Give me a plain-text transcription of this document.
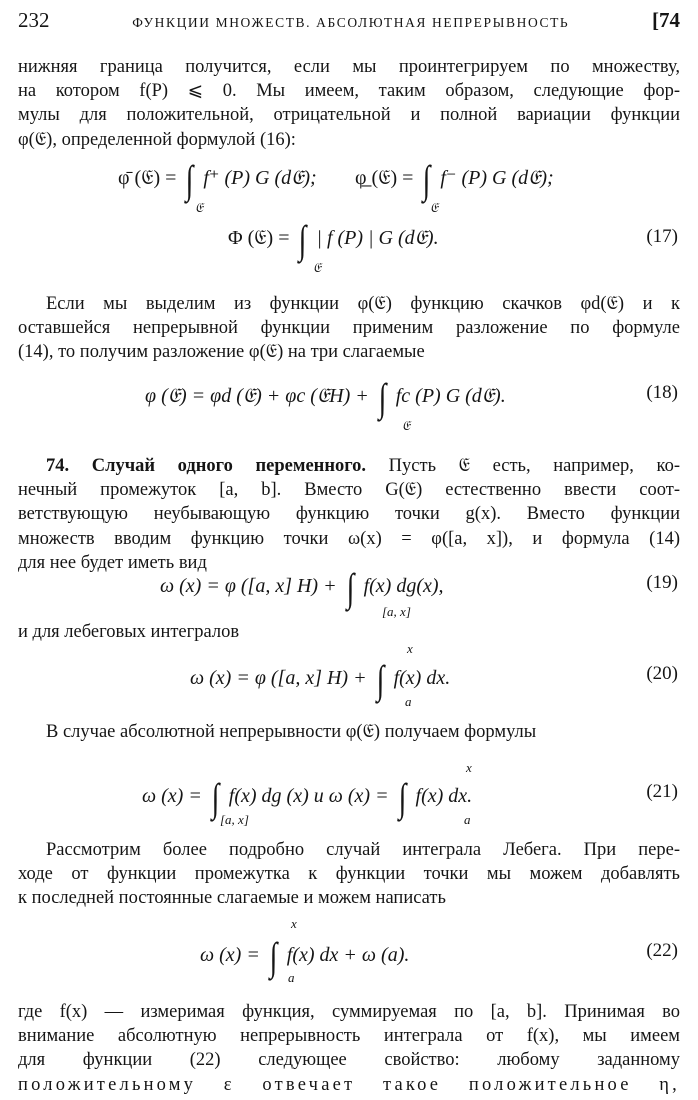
232	ФУНКЦИИ МНОЖЕСТВ. АБСОЛЮТНАЯ НЕПРЕРЫВНОСТЬ	[74
нижняя граница получится, если мы проинтегрируем по множеству,
на котором f(P) ⩽ 0. Мы имеем, таким образом, следующие фор-
мулы для положительной, отрицательной и полной вариации функции
φ(𝔈), определенной формулой (16):
φ̄ (𝔈) = ∫ f⁺ (P) G (d𝔈);
𝔈
φ̲ (𝔈) = ∫ f⁻ (P) G (d𝔈);
𝔈
Φ (𝔈) = ∫ | f (P) | G (d𝔈).
𝔈
(17)
Если мы выделим из функции φ(𝔈) функцию скачков φd(𝔈) и к
оставшейся непрерывной функции применим разложение по формуле
(14), то получим разложение φ(𝔈) на три слагаемые
φ (𝔈) = φd (𝔈) + φc (𝔈H) + ∫ fc (P) G (d𝔈).
𝔈
(18)
74. Случай одного переменного. Пусть 𝔈 есть, например, ко-
нечный промежуток [a, b]. Вместо G(𝔈) естественно ввести соот-
ветствующую неубывающую функцию точки g(x). Вместо функции
множеств вводим функцию точки ω(x) = φ([a, x]), и формула (14)
для нее будет иметь вид
ω (x) = φ ([a, x] H) + ∫ f(x) dg(x),
[a, x]
(19)
и для лебеговых интегралов
x
ω (x) = φ ([a, x] H) + ∫ f(x) dx.
a
(20)
В случае абсолютной непрерывности φ(𝔈) получаем формулы
x
ω (x) = ∫ f(x) dg (x) и ω (x) = ∫ f(x) dx.
[a, x]	a
(21)
Рассмотрим более подробно случай интеграла Лебега. При пере-
ходе от функции промежутка к функции точки мы можем добавлять
к последней постоянные слагаемые и можем написать
x
ω (x) = ∫ f(x) dx + ω (a).
a
(22)
где f(x) — измеримая функция, суммируемая по [a, b]. Принимая во
внимание абсолютную непрерывность интеграла от f(x), мы имеем
для функции (22) следующее свойство: любому заданному
положительному ε отвечает такое положительное η,
